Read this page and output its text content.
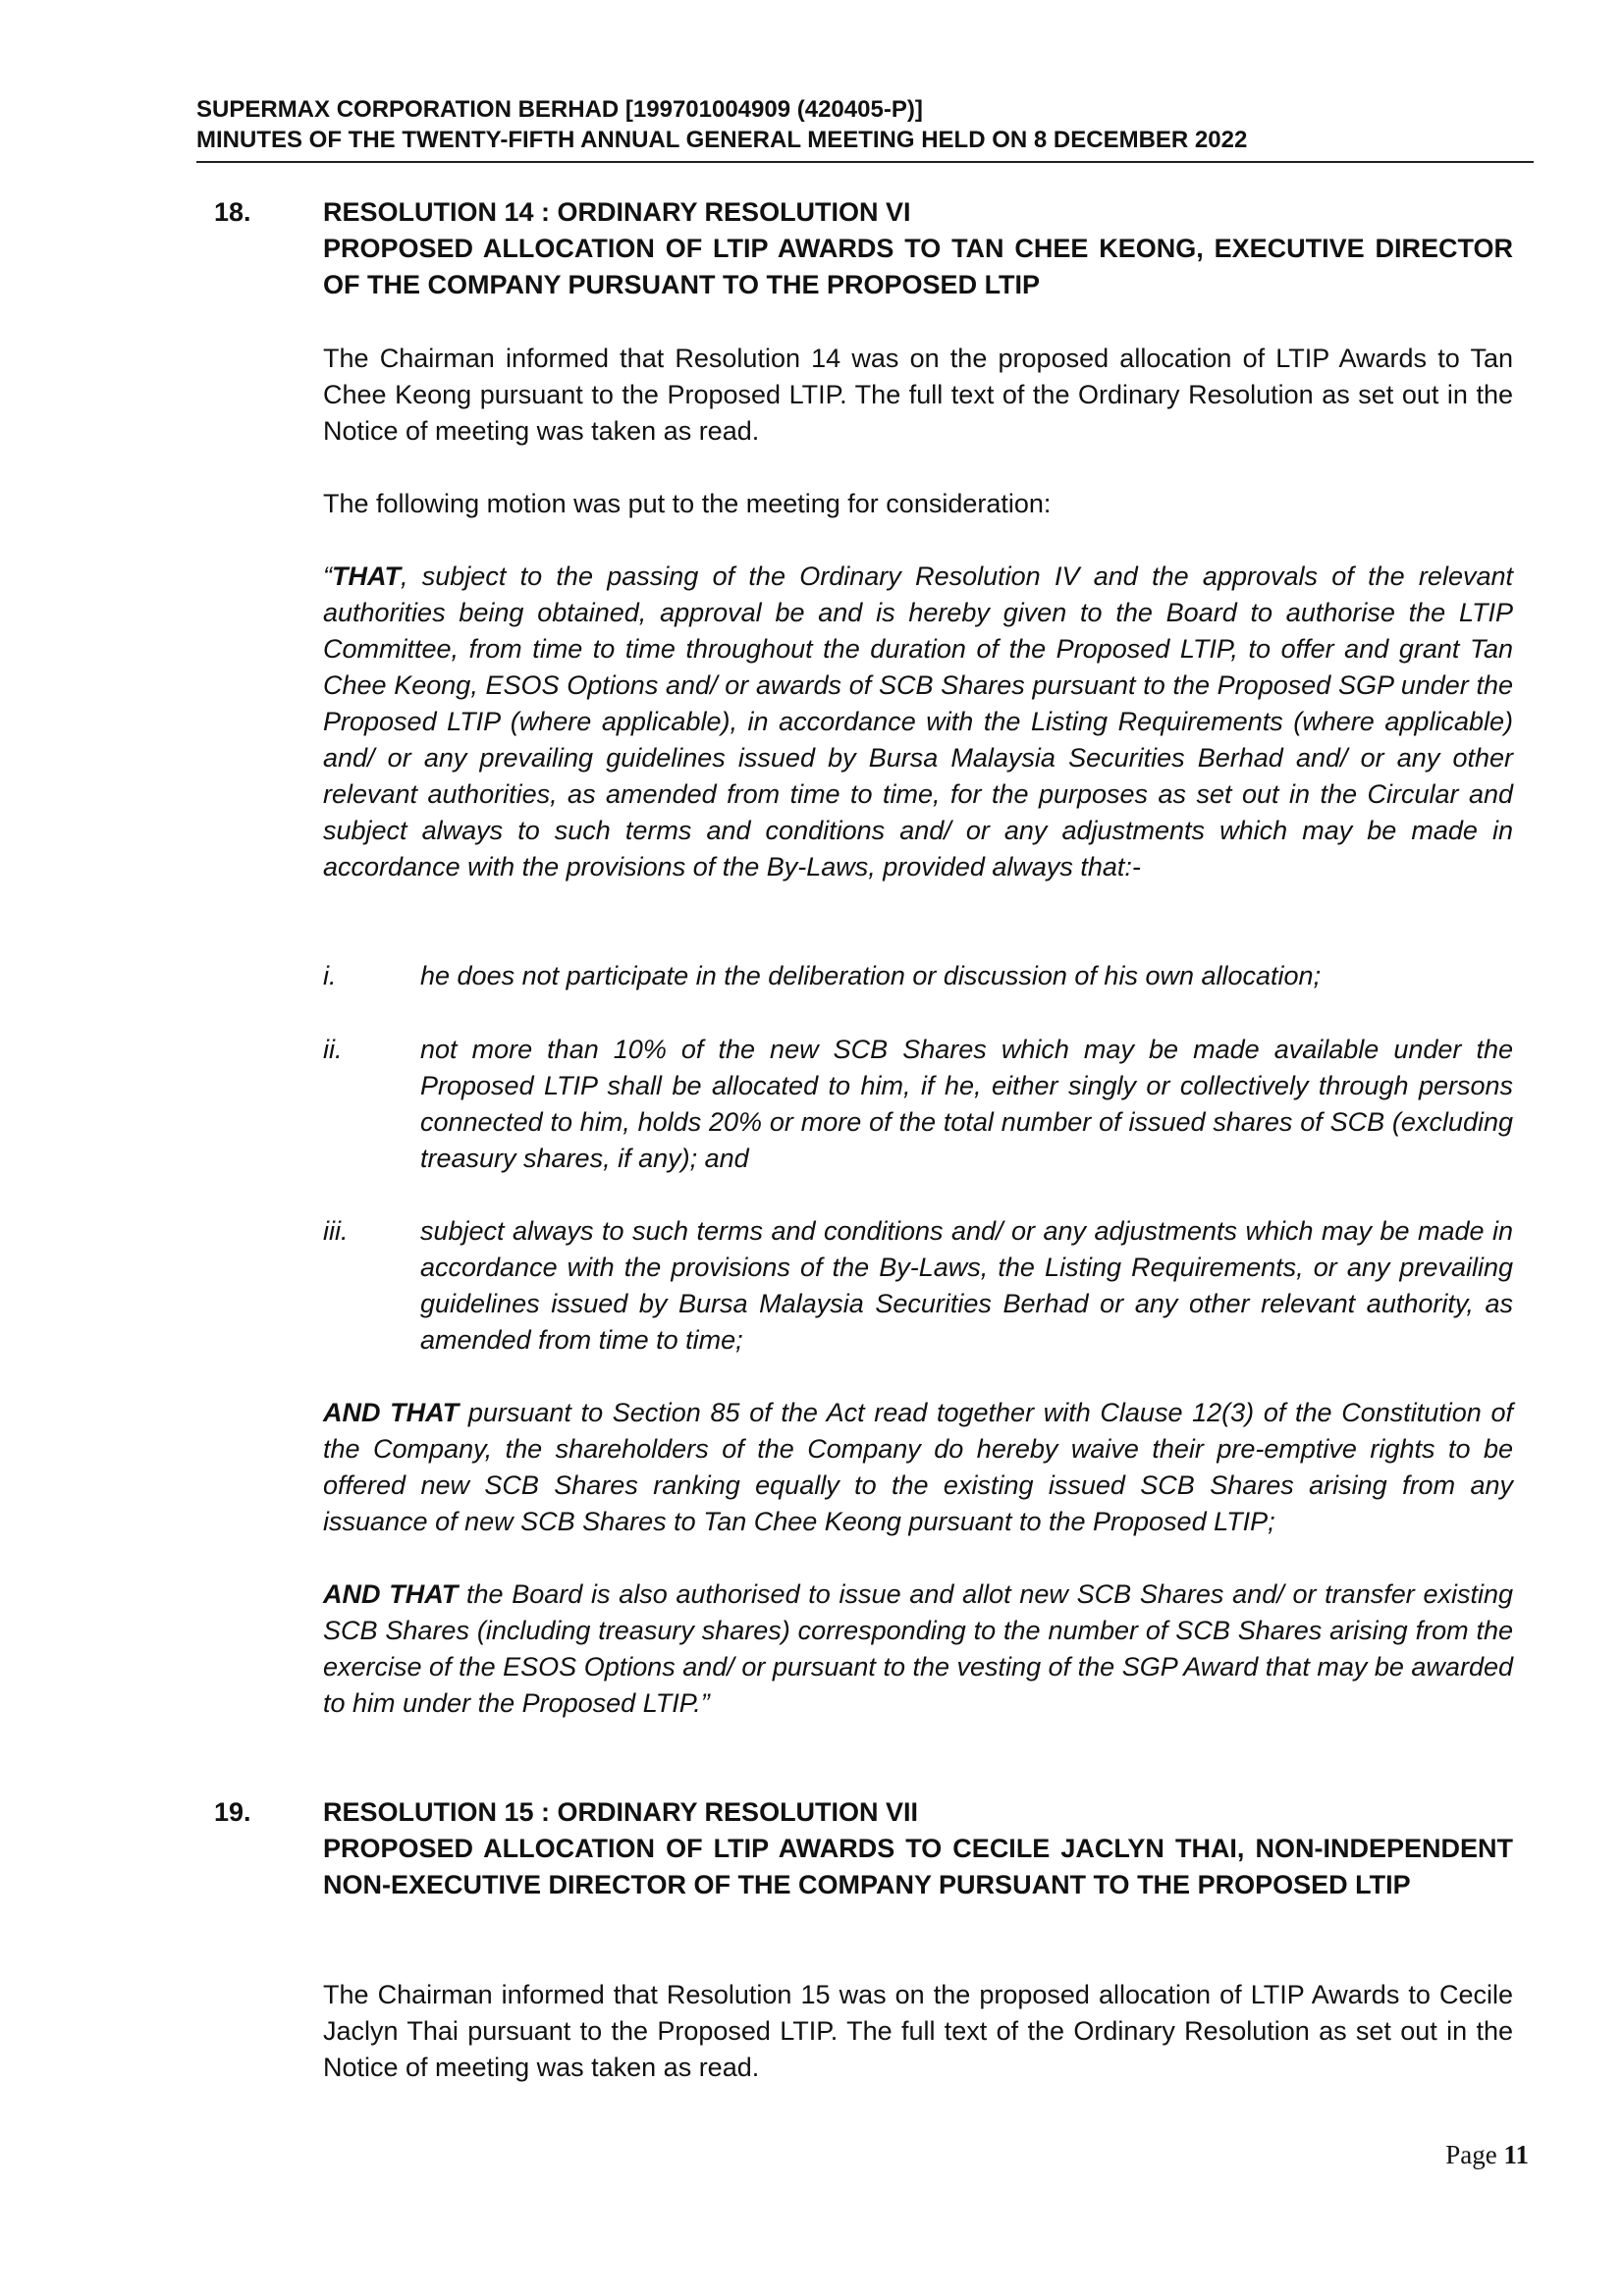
SUPERMAX CORPORATION BERHAD [199701004909 (420405-P)]
MINUTES OF THE TWENTY-FIFTH ANNUAL GENERAL MEETING HELD ON 8 DECEMBER 2022
18.	RESOLUTION 14 : ORDINARY RESOLUTION VI
PROPOSED ALLOCATION OF LTIP AWARDS TO TAN CHEE KEONG, EXECUTIVE DIRECTOR OF THE COMPANY PURSUANT TO THE PROPOSED LTIP
The Chairman informed that Resolution 14 was on the proposed allocation of LTIP Awards to Tan Chee Keong pursuant to the Proposed LTIP. The full text of the Ordinary Resolution as set out in the Notice of meeting was taken as read.
The following motion was put to the meeting for consideration:
“THAT, subject to the passing of the Ordinary Resolution IV and the approvals of the relevant authorities being obtained, approval be and is hereby given to the Board to authorise the LTIP Committee, from time to time throughout the duration of the Proposed LTIP, to offer and grant Tan Chee Keong, ESOS Options and/ or awards of SCB Shares pursuant to the Proposed SGP under the Proposed LTIP (where applicable), in accordance with the Listing Requirements (where applicable) and/ or any prevailing guidelines issued by Bursa Malaysia Securities Berhad and/ or any other relevant authorities, as amended from time to time, for the purposes as set out in the Circular and subject always to such terms and conditions and/ or any adjustments which may be made in accordance with the provisions of the By-Laws, provided always that:-
i.	he does not participate in the deliberation or discussion of his own allocation;
ii.	not more than 10% of the new SCB Shares which may be made available under the Proposed LTIP shall be allocated to him, if he, either singly or collectively through persons connected to him, holds 20% or more of the total number of issued shares of SCB (excluding treasury shares, if any); and
iii.	subject always to such terms and conditions and/ or any adjustments which may be made in accordance with the provisions of the By-Laws, the Listing Requirements, or any prevailing guidelines issued by Bursa Malaysia Securities Berhad or any other relevant authority, as amended from time to time;
AND THAT pursuant to Section 85 of the Act read together with Clause 12(3) of the Constitution of the Company, the shareholders of the Company do hereby waive their pre-emptive rights to be offered new SCB Shares ranking equally to the existing issued SCB Shares arising from any issuance of new SCB Shares to Tan Chee Keong pursuant to the Proposed LTIP;
AND THAT the Board is also authorised to issue and allot new SCB Shares and/ or transfer existing SCB Shares (including treasury shares) corresponding to the number of SCB Shares arising from the exercise of the ESOS Options and/ or pursuant to the vesting of the SGP Award that may be awarded to him under the Proposed LTIP.”
19.	RESOLUTION 15 : ORDINARY RESOLUTION VII
PROPOSED ALLOCATION OF LTIP AWARDS TO CECILE JACLYN THAI, NON-INDEPENDENT NON-EXECUTIVE DIRECTOR OF THE COMPANY PURSUANT TO THE PROPOSED LTIP
The Chairman informed that Resolution 15 was on the proposed allocation of LTIP Awards to Cecile Jaclyn Thai pursuant to the Proposed LTIP. The full text of the Ordinary Resolution as set out in the Notice of meeting was taken as read.
Page 11
